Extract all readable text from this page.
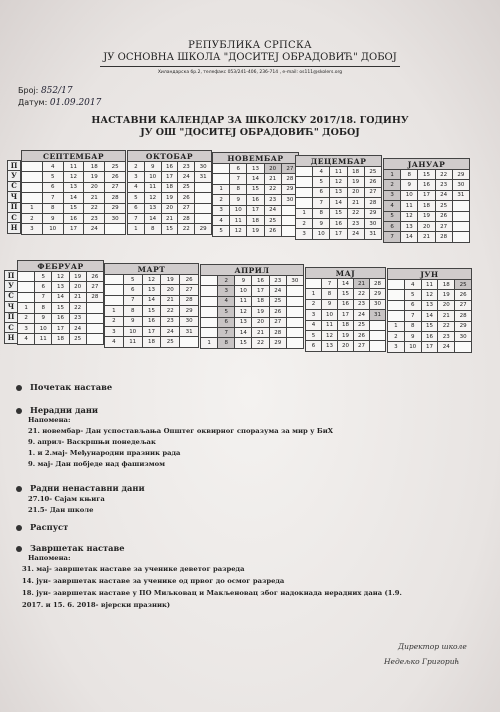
РЕПУБЛИКА СРПСКА
ЈУ ОСНОВНА ШКОЛА "ДОСИТЕЈ ОБРАДОВИЋ" ДОБОЈ
Хиландарска бр.2, телефакс 053/241-406, 236-714 , e-mail: os111@skolers.org
Број: 852/17
Датум: 01.09.2017
НАСТАВНИ КАЛЕНДАР ЗА ШКОЛСКУ 2017/18. ГОДИНУ
ЈУ ОШ "ДОСИТЕЈ ОБРАДОВИЋ" ДОБОЈ
П
У
С
Ч
П
С
Н
СЕПТЕМБАР				
	4	11	18	25
	5	12	19	26
	6	13	20	27
	7	14	21	28
1	8	15	22	29
2	9	16	23	30
3	10	17	24	
ОКТОБАР				
2	9	16	23	30
3	10	17	24	31
4	11	18	25	
5	12	19	26	
6	13	20	27	
7	14	21	28	
1	8	15	22	29
НОВЕМБАР				
	6	13	20	27
	7	14	21	28
1	8	15	22	29
2	9	16	23	30
3	10	17	24	
4	11	18	25	
5	12	19	26	
ДЕЦЕМБАР				
	4	11	18	25
	5	12	19	26
	6	13	20	27
	7	14	21	28
1	8	15	22	29
2	9	16	23	30
3	10	17	24	31
ЈАНУАР				
1	8	15	22	29
2	9	16	23	30
3	10	17	24	31
4	11	18	25	
5	12	19	26	
6	13	20	27	
7	14	21	28	
П
У
С
Ч
П
С
Н
ФЕБРУАР				
	5	12	19	26
	6	13	20	27
	7	14	21	28
1	8	15	22	
2	9	16	23	
3	10	17	24	
4	11	18	25	
МАРТ				
	5	12	19	26
	6	13	20	27
	7	14	21	28
1	8	15	22	29
2	9	16	23	30
3	10	17	24	31
4	11	18	25	
АПРИЛ					
	2	9	16	23	30
	3	10	17	24	
	4	11	18	25	
	5	12	19	26	
	6	13	20	27	
	7	14	21	28	
1	8	15	22	29	
МАЈ				
	7	14	21	28
1	8	15	22	29
2	9	16	23	30
3	10	17	24	31
4	11	18	25	
5	12	19	26	
6	13	20	27	
ЈУН				
	4	11	18	25
	5	12	19	26
	6	13	20	27
	7	14	21	28
1	8	15	22	29
2	9	16	23	30
3	10	17	24	
Почетак наставе
Нерадни дани
Напомена:
21. новембар- Дан успостављања Општег оквирног споразума за мир у БиХ
9. април- Васкршњи понедељак
1. и 2.мај- Међународни празник рада
9. мај- Дан побједе над фашизмом
Радни ненаставни дани
27.10- Сајам књига
21.5- Дан школе
Распуст
Завршетак наставе
Напомена:
31. мај- завршетак наставе за ученике деветог разреда
14. јун- завршетак наставе за ученике од првог до осмог разреда
18. јун- завршетак наставе у ПО Миљковац и Макљеновац због надокнада нерадних дана (1.9.
2017. и 15. 6. 2018- вјерски празник)
Директор школе
Недељко Григорић
